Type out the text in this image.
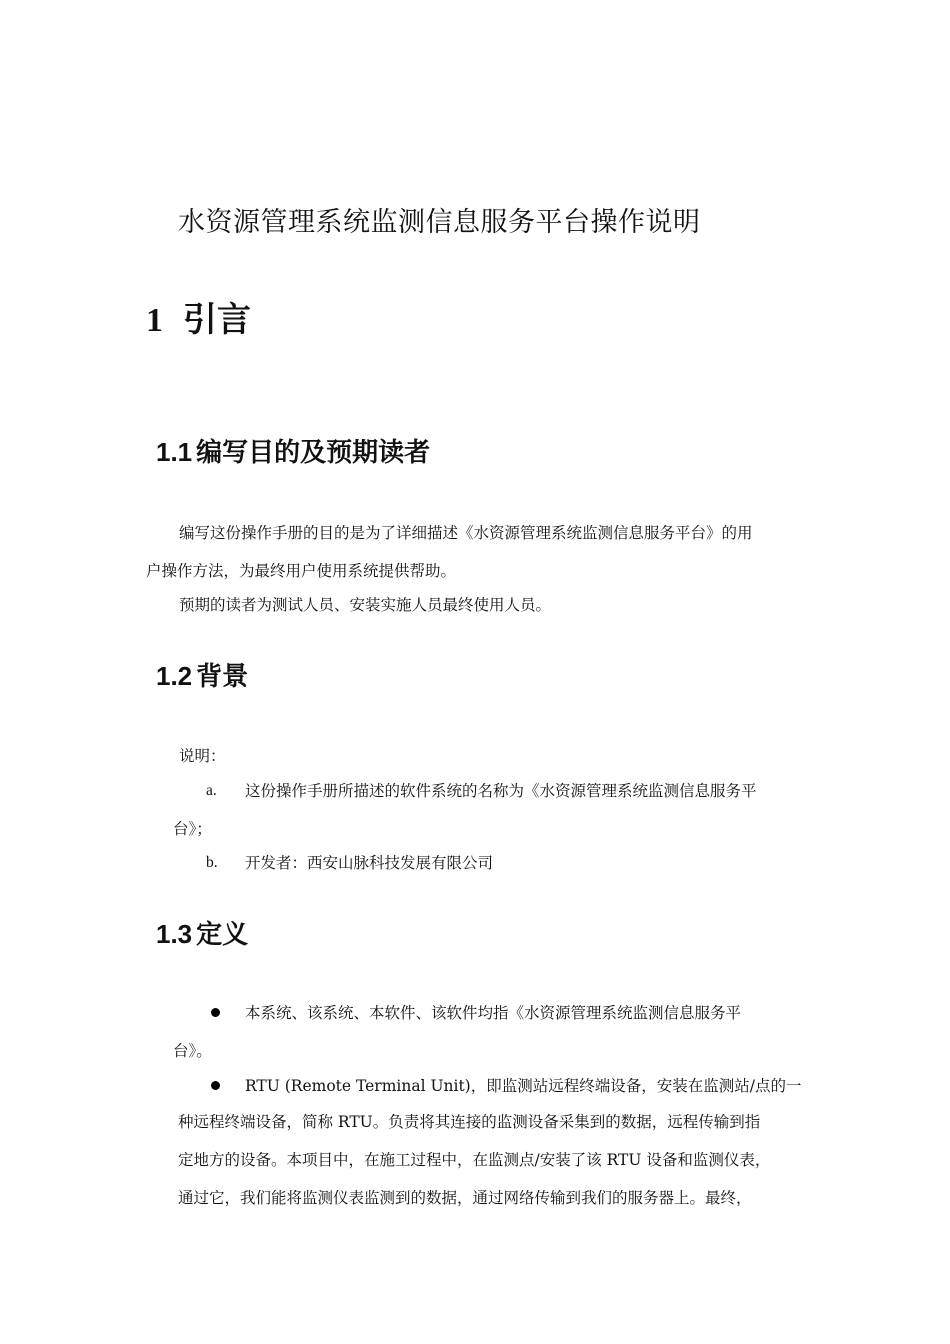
水资源管理系统监测信息服务平台操作说明
1 引言
1.1 编写目的及预期读者
编写这份操作手册的目的是为了详细描述《水资源管理系统监测信息服务平台》的用
户操作方法，为最终用户使用系统提供帮助。
预期的读者为测试人员、安装实施人员最终使用人员。
1.2 背景
说明：
a. 这份操作手册所描述的软件系统的名称为《水资源管理系统监测信息服务平
台》；
b. 开发者：西安山脉科技发展有限公司
1.3 定义
本系统、该系统、本软件、该软件均指《水资源管理系统监测信息服务平
台》。
RTU (Remote Terminal Unit)，即监测站远程终端设备，安装在监测站/点的一
种远程终端设备，简称 RTU。负责将其连接的监测设备采集到的数据，远程传输到指
定地方的设备。本项目中，在施工过程中，在监测点/安装了该 RTU 设备和监测仪表，
通过它，我们能将监测仪表监测到的数据，通过网络传输到我们的服务器上。最终，
